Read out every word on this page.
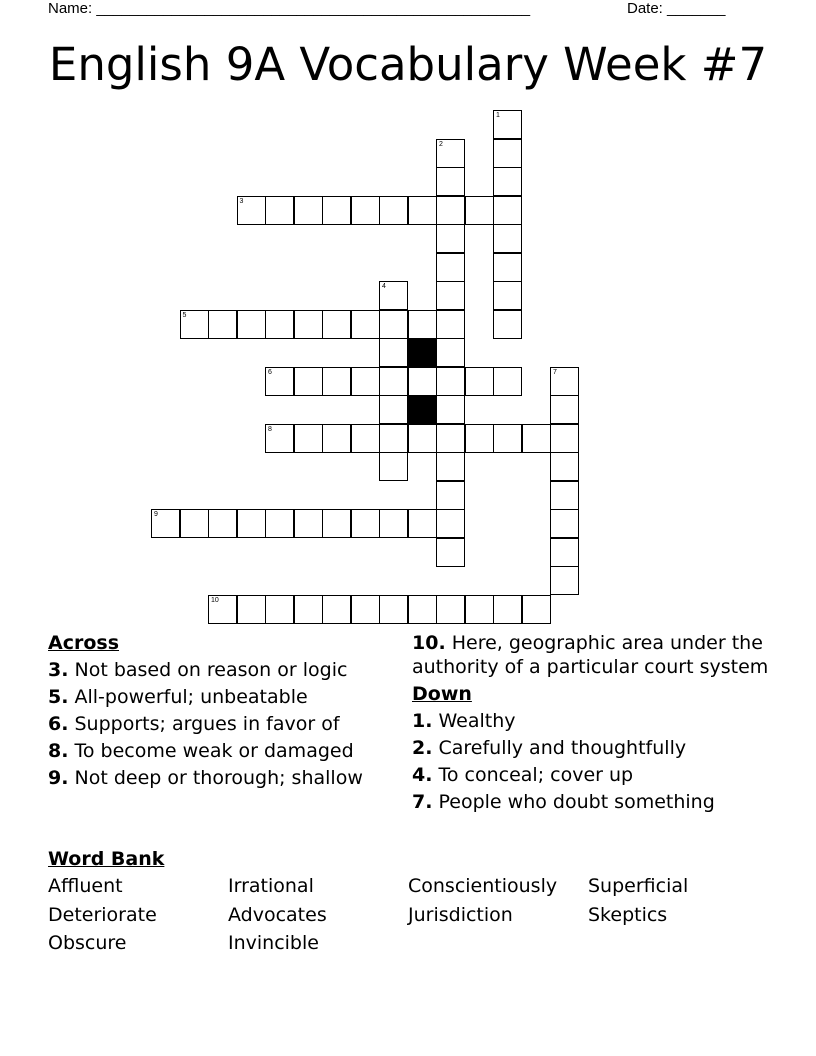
Name: ____________________________________________________	Date: _______
English 9A Vocabulary Week #7
1
2
3
4
5
6	7
8
9
10
Across
3. Not based on reason or logic
5. All-powerful; unbeatable
6. Supports; argues in favor of
8. To become weak or damaged
9. Not deep or thorough; shallow
10. Here, geographic area under the authority of a particular court system
Down
1. Wealthy
2. Carefully and thoughtfully
4. To conceal; cover up
7. People who doubt something
Word Bank
Affluent	Irrational	Conscientiously Superficial
Deteriorate	Advocates	Jurisdiction	Skeptics
Obscure	Invincible
